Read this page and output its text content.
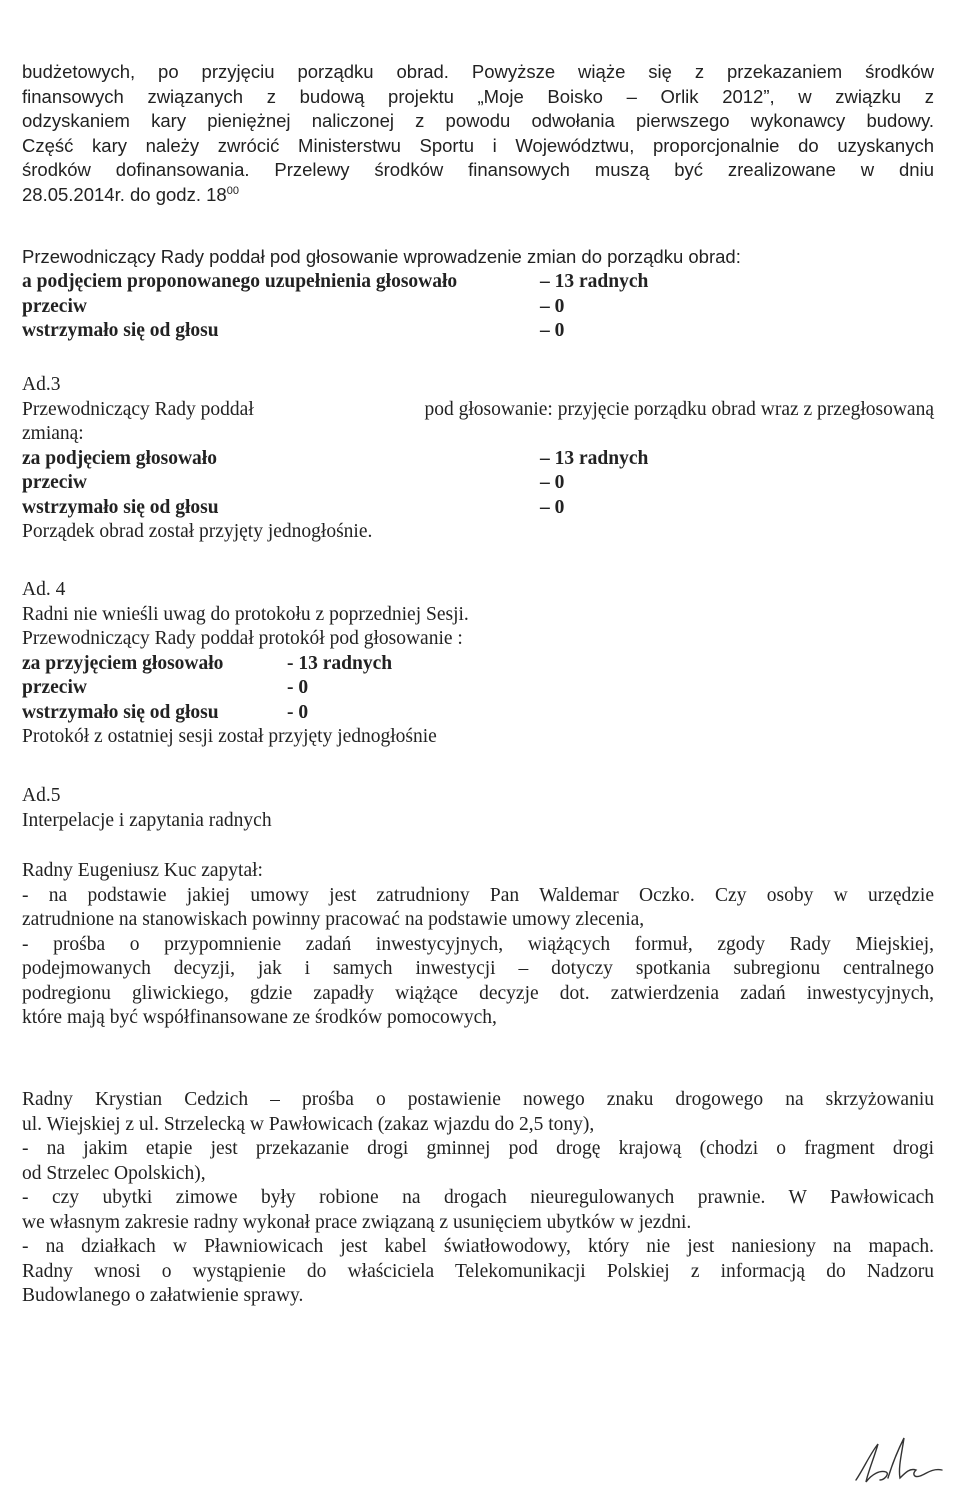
budżetowych, po przyjęciu porządku obrad. Powyższe wiąże się z przekazaniem środków

finansowych związanych z budową projektu „Moje Boisko – Orlik 2012”, w związku z

odzyskaniem kary pieniężnej naliczonej z powodu odwołania pierwszego wykonawcy budowy.

Część kary należy zwrócić Ministerstwu Sportu i Województwu, proporcjonalnie do uzyskanych

środków dofinansowania. Przelewy środków finansowych muszą być zrealizowane w dniu

28.05.2014r. do godz. $18^{00}$

Przewodniczący Rady poddał pod głosowanie wprowadzenie zmian do porządku obrad:

a podjęciem proponowanego uzupełnienia głosowało	– 13 radnych
przeciw	– 0
wstrzymało się od głosu	– 0

Ad.3

Przewodniczący Rady poddał	pod głosowanie: przyjęcie porządku obrad wraz z przegłosowaną

zmianą:

za podjęciem głosowało	– 13 radnych
przeciw	– 0
wstrzymało się od głosu	– 0

Porządek obrad został przyjęty jednogłośnie.

Ad. 4

Radni nie wnieśli uwag do protokołu z poprzedniej Sesji.

Przewodniczący Rady poddał protokół pod głosowanie :

za przyjęciem głosowało	- 13 radnych
przeciw	- 0
wstrzymało się od głosu	- 0

Protokół z ostatniej sesji został przyjęty jednogłośnie

Ad.5

Interpelacje i zapytania radnych

Radny Eugeniusz Kuc zapytał:

- na podstawie jakiej umowy jest zatrudniony Pan Waldemar Oczko. Czy osoby w urzędzie

zatrudnione na stanowiskach powinny pracować na podstawie umowy zlecenia,

- prośba o przypomnienie zadań inwestycyjnych, wiążących formuł, zgody Rady Miejskiej,

podejmowanych decyzji, jak i samych inwestycji – dotyczy spotkania subregionu centralnego

podregionu gliwickiego, gdzie zapadły wiążące decyzje dot. zatwierdzenia zadań inwestycyjnych,

które mają być współfinansowane ze środków pomocowych,

Radny Krystian Cedzich – prośba o postawienie nowego znaku drogowego na skrzyżowaniu

ul. Wiejskiej z ul. Strzelecką w Pawłowicach (zakaz wjazdu do 2,5 tony),

- na jakim etapie jest przekazanie drogi gminnej pod drogę krajową (chodzi o fragment drogi

od Strzelec Opolskich),

- czy ubytki zimowe były robione na drogach nieuregulowanych prawnie. W Pawłowicach

we własnym zakresie radny wykonał prace związaną z usunięciem ubytków w jezdni.

- na działkach w Pławniowicach jest kabel światłowodowy, który nie jest naniesiony na mapach.

Radny wnosi o wystąpienie do właściciela Telekomunikacji Polskiej z informacją do Nadzoru

Budowlanego o załatwienie sprawy.
